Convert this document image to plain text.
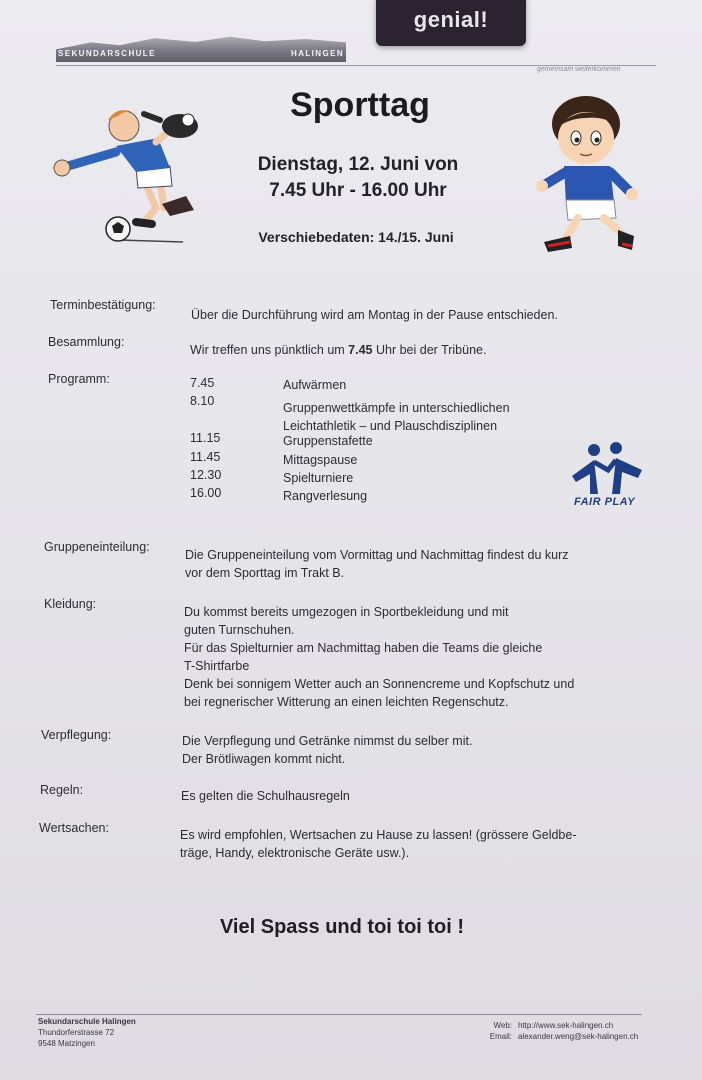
genial!
SEKUNDARSCHULE	HALINGEN
gemeinsam weiterkommen
Sporttag
Dienstag, 12. Juni von
7.45 Uhr - 16.00 Uhr
Verschiebedaten: 14./15. Juni
Terminbestätigung:
Über die Durchführung wird am Montag in der Pause entschieden.
Besammlung:
Wir treffen uns pünktlich um 7.45 Uhr bei der Tribüne.
Programm:	7.45	Aufwärmen
8.10	Gruppenwettkämpfe in unterschiedlichen
Leichtathletik – und Plauschdisziplinen
11.15	Gruppenstafette
11.45	Mittagspause
12.30	Spielturniere
16.00	Rangverlesung	FAIR PLAY
Gruppeneinteilung:
Die Gruppeneinteilung vom Vormittag und Nachmittag findest du kurz
vor dem Sporttag im Trakt B.
Kleidung:
Du kommst bereits umgezogen in Sportbekleidung und mit
guten Turnschuhen.
Für das Spielturnier am Nachmittag haben die Teams die gleiche
T-Shirtfarbe
Denk bei sonnigem Wetter auch an Sonnencreme und Kopfschutz und
bei regnerischer Witterung an einen leichten Regenschutz.
Verpflegung:	Die Verpflegung und Getränke nimmst du selber mit.
Der Brötliwagen kommt nicht.
Regeln:	Es gelten die Schulhausregeln
Wertsachen:	Es wird empfohlen, Wertsachen zu Hause zu lassen! (grössere Geldbe-
träge, Handy, elektronische Geräte usw.).
Viel Spass und toi toi toi !
Sekundarschule Halingen
Thundorferstrasse 72
9548 Matzingen
Web: http://www.sek-halingen.ch
Email: alexander.weng@sek-halingen.ch
